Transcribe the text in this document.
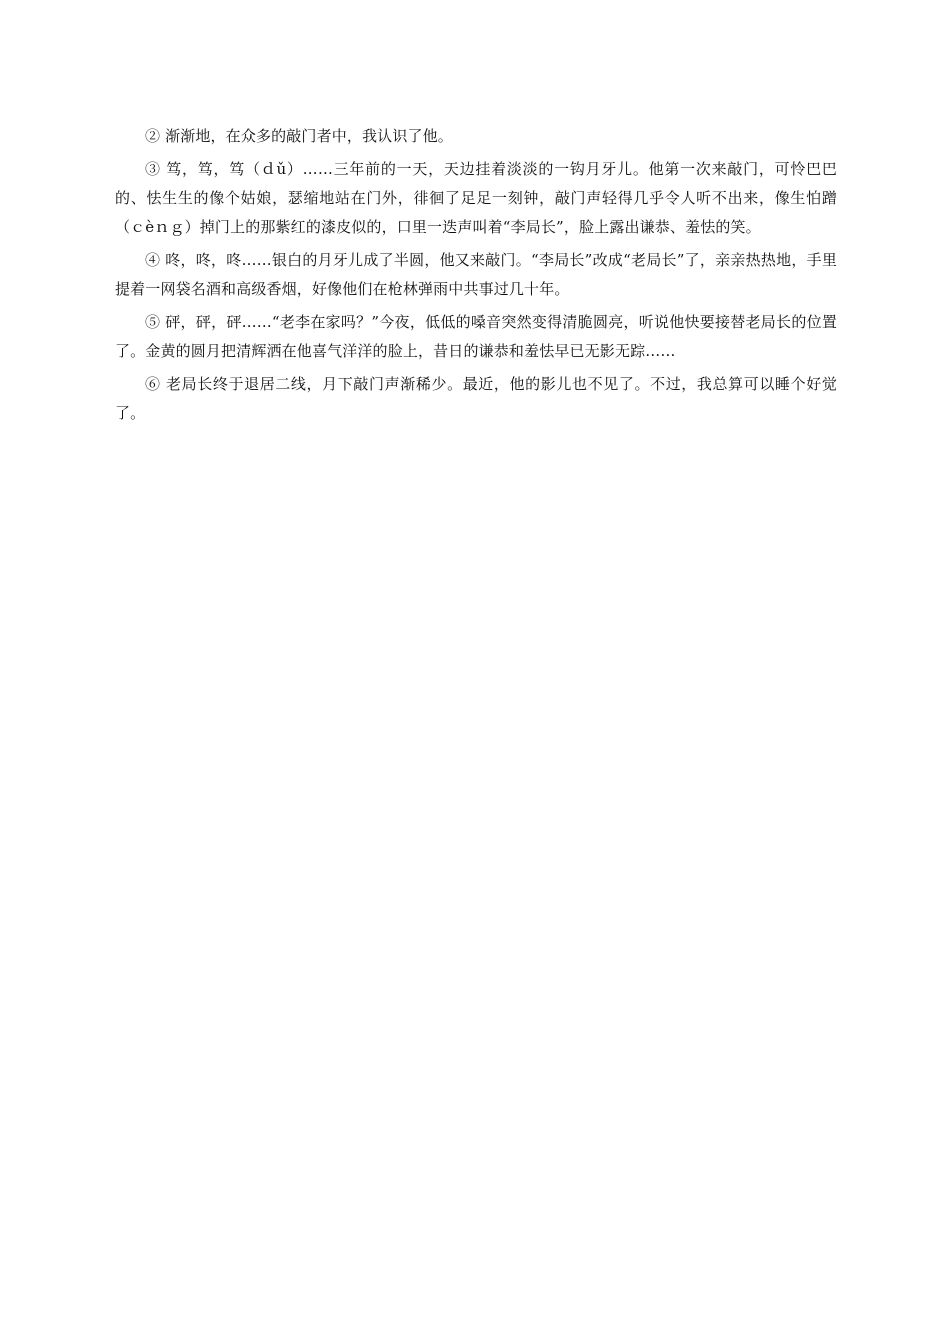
② 渐渐地，在众多的敲门者中，我认识了他。

③ 笃，笃，笃（ｄǔ）……三年前的一天，天边挂着淡淡的一钩月牙儿。他第一次来敲门，可怜巴巴的、怯生生的像个姑娘，瑟缩地站在门外，徘徊了足足一刻钟，敲门声轻得几乎令人听不出来，像生怕蹭（ｃèｎｇ）掉门上的那紫红的漆皮似的，口里一迭声叫着“李局长”，脸上露出谦恭、羞怯的笑。

④ 咚，咚，咚……银白的月牙儿成了半圆，他又来敲门。“李局长”改成“老局长”了，亲亲热热地，手里提着一网袋名酒和高级香烟，好像他们在枪林弹雨中共事过几十年。

⑤ 砰，砰，砰……“老李在家吗？”今夜，低低的嗓音突然变得清脆圆亮，听说他快要接替老局长的位置了。金黄的圆月把清辉洒在他喜气洋洋的脸上，昔日的谦恭和羞怯早已无影无踪……

⑥ 老局长终于退居二线，月下敲门声渐稀少。最近，他的影儿也不见了。不过，我总算可以睡个好觉了。
